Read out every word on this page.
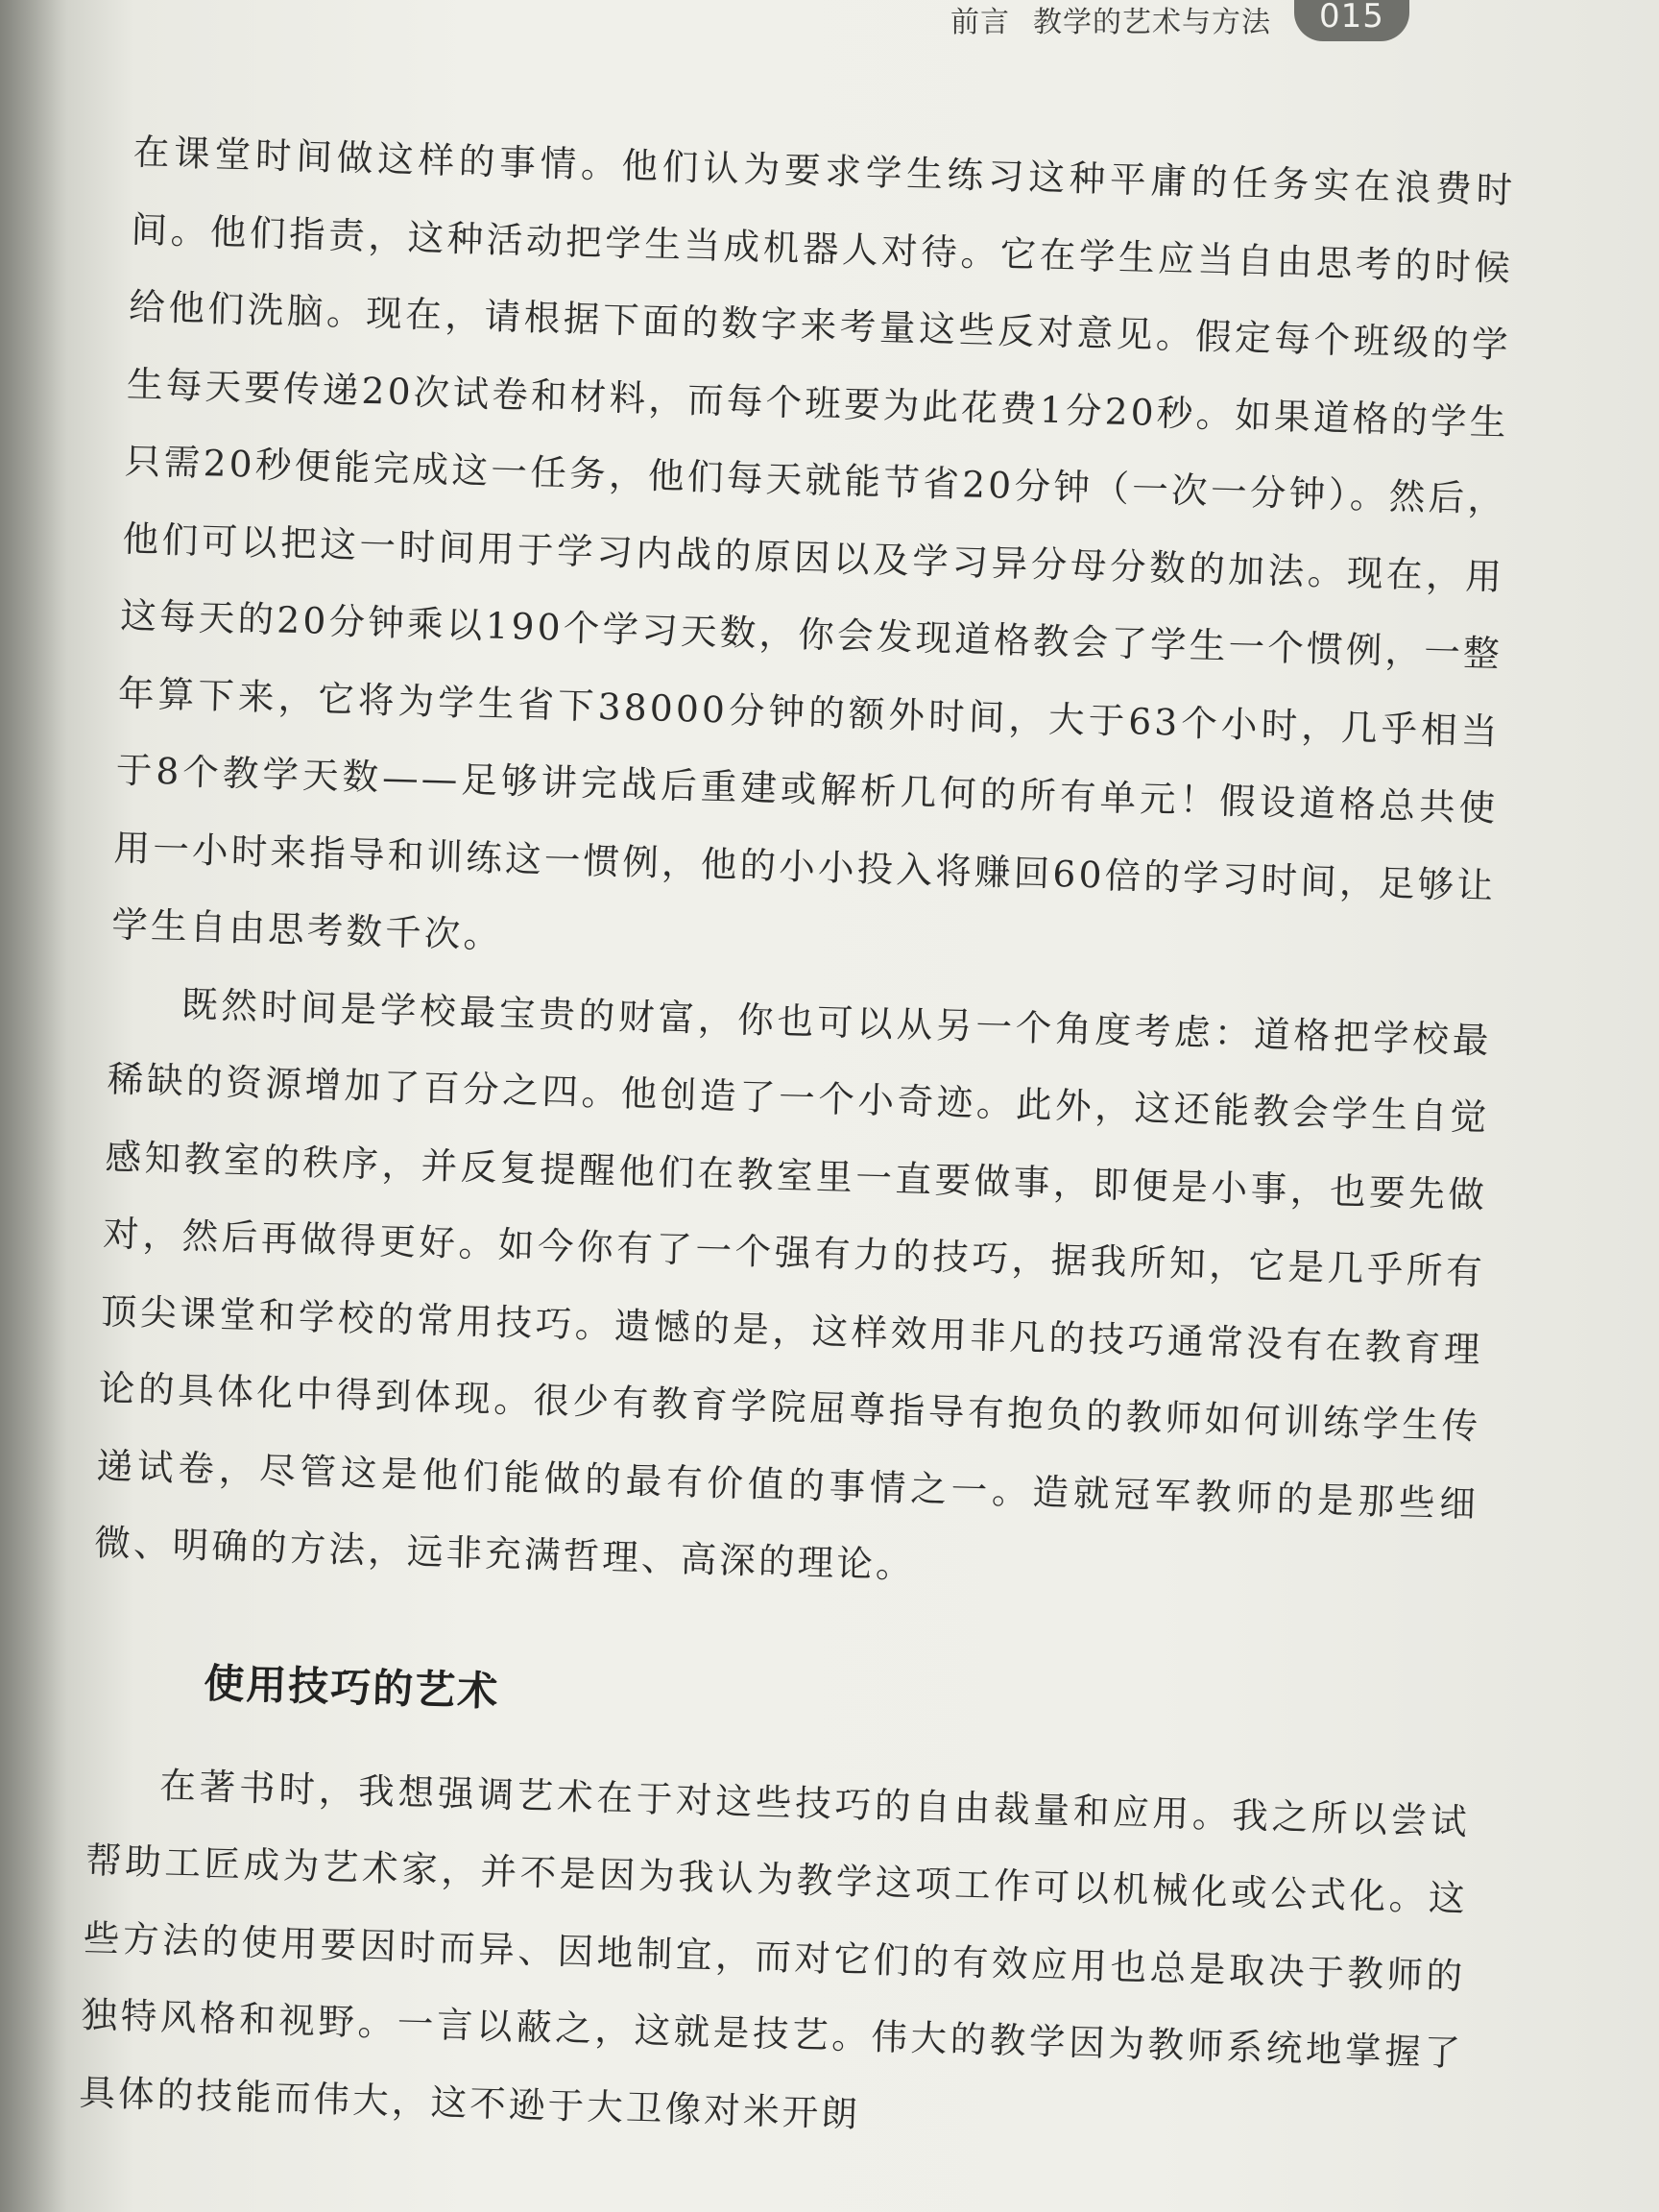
前言 教学的艺术与方法	015

在课堂时间做这样的事情。他们认为要求学生练习这种平庸的任务实在浪费时间。他们指责，这种活动把学生当成机器人对待。它在学生应当自由思考的时候给他们洗脑。现在，请根据下面的数字来考量这些反对意见。假定每个班级的学生每天要传递20次试卷和材料，而每个班要为此花费1分20秒。如果道格的学生只需20秒便能完成这一任务，他们每天就能节省20分钟（一次一分钟）。然后，他们可以把这一时间用于学习内战的原因以及学习异分母分数的加法。现在，用这每天的20分钟乘以190个学习天数，你会发现道格教会了学生一个惯例，一整年算下来，它将为学生省下38000分钟的额外时间，大于63个小时，几乎相当于8个教学天数——足够讲完战后重建或解析几何的所有单元！假设道格总共使用一小时来指导和训练这一惯例，他的小小投入将赚回60倍的学习时间，足够让学生自由思考数千次。

既然时间是学校最宝贵的财富，你也可以从另一个角度考虑：道格把学校最稀缺的资源增加了百分之四。他创造了一个小奇迹。此外，这还能教会学生自觉感知教室的秩序，并反复提醒他们在教室里一直要做事，即便是小事，也要先做对，然后再做得更好。如今你有了一个强有力的技巧，据我所知，它是几乎所有顶尖课堂和学校的常用技巧。遗憾的是，这样效用非凡的技巧通常没有在教育理论的具体化中得到体现。很少有教育学院屈尊指导有抱负的教师如何训练学生传递试卷，尽管这是他们能做的最有价值的事情之一。造就冠军教师的是那些细微、明确的方法，远非充满哲理、高深的理论。

使用技巧的艺术

在著书时，我想强调艺术在于对这些技巧的自由裁量和应用。我之所以尝试帮助工匠成为艺术家，并不是因为我认为教学这项工作可以机械化或公式化。这些方法的使用要因时而异、因地制宜，而对它们的有效应用也总是取决于教师的独特风格和视野。一言以蔽之，这就是技艺。伟大的教学因为教师系统地掌握了具体的技能而伟大，这不逊于大卫像对米开朗
